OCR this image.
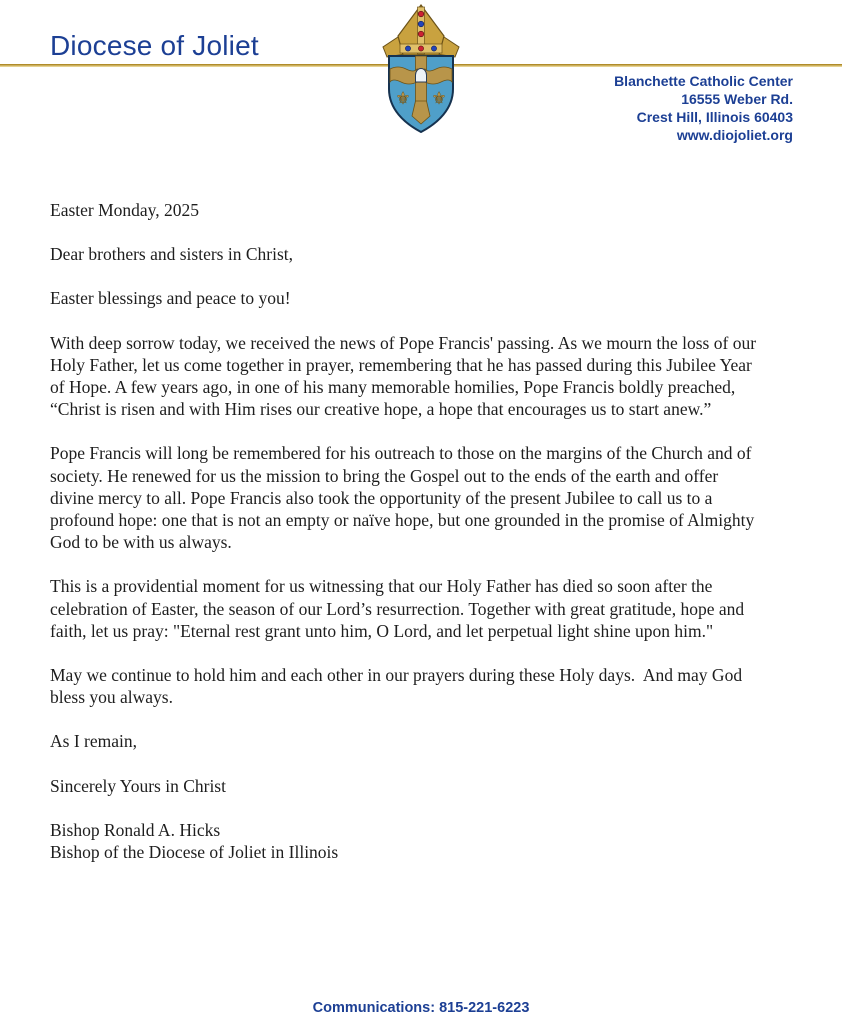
Diocese of Joliet
⚜ ⚜
Blanchette Catholic Center
16555 Weber Rd.
Crest Hill, Illinois 60403
www.diojoliet.org

Easter Monday, 2025

Dear brothers and sisters in Christ,

Easter blessings and peace to you!

With deep sorrow today, we received the news of Pope Francis' passing. As we mourn the loss of our Holy Father, let us come together in prayer, remembering that he has passed during this Jubilee Year of Hope. A few years ago, in one of his many memorable homilies, Pope Francis boldly preached, “Christ is risen and with Him rises our creative hope, a hope that encourages us to start anew.”

Pope Francis will long be remembered for his outreach to those on the margins of the Church and of society. He renewed for us the mission to bring the Gospel out to the ends of the earth and offer divine mercy to all. Pope Francis also took the opportunity of the present Jubilee to call us to a profound hope: one that is not an empty or naïve hope, but one grounded in the promise of Almighty God to be with us always.

This is a providential moment for us witnessing that our Holy Father has died so soon after the celebration of Easter, the season of our Lord’s resurrection. Together with great gratitude, hope and faith, let us pray: "Eternal rest grant unto him, O Lord, and let perpetual light shine upon him."

May we continue to hold him and each other in our prayers during these Holy days.  And may God bless you always.

As I remain,

Sincerely Yours in Christ

Bishop Ronald A. Hicks

Bishop of the Diocese of Joliet in Illinois

Communications: 815-221-6223
